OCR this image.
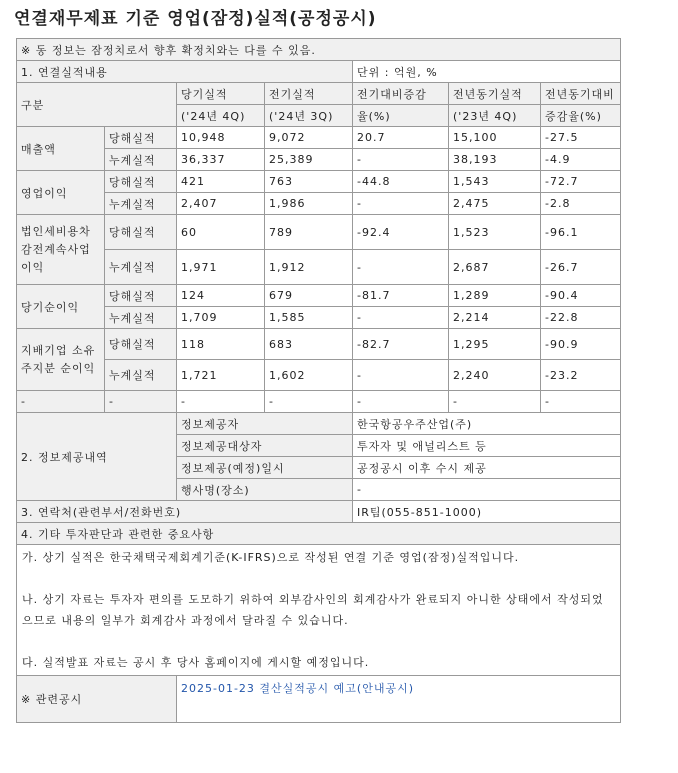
연결재무제표 기준 영업(잠정)실적(공정공시)
※ 동 정보는 잠정치로서 향후 확정치와는 다를 수 있음.						
1. 연결실적내용				단위 : 억원, %		
구분		당기실적	전기실적	전기대비증감	전년동기실적	전년동기대비
		('24년 4Q)	('24년 3Q)	율(%)	('23년 4Q)	증감율(%)
매출액	당해실적	10,948	9,072	20.7	15,100	-27.5
	누계실적	36,337	25,389	-	38,193	-4.9
영업이익	당해실적	421	763	-44.8	1,543	-72.7
	누계실적	2,407	1,986	-	2,475	-2.8
법인세비용차감전계속사업이익	당해실적	60	789	-92.4	1,523	-96.1
	누계실적	1,971	1,912	-	2,687	-26.7
당기순이익	당해실적	124	679	-81.7	1,289	-90.4
	누계실적	1,709	1,585	-	2,214	-22.8
지배기업 소유주지분 순이익	당해실적	118	683	-82.7	1,295	-90.9
	누계실적	1,721	1,602	-	2,240	-23.2
-	-	-	-	-	-	-
2. 정보제공내역		정보제공자		한국항공우주산업(주)		
		정보제공대상자		투자자 및 애널리스트 등		
		정보제공(예정)일시		공정공시 이후 수시 제공		
		행사명(장소)		-		
3. 연락처(관련부서/전화번호)				IR팀(055-851-1000)		
4. 기타 투자판단과 관련한 중요사항						

가. 상기 실적은 한국채택국제회계기준(K-IFRS)으로 작성된 연결 기준 영업(잠정)실적입니다.

나. 상기 자료는 투자자 편의를 도모하기 위하여 외부감사인의 회계감사가 완료되지 아니한 상태에서 작성되었으므로 내용의 일부가 회계감사 과정에서 달라질 수 있습니다.

다. 실적발표 자료는 공시 후 당사 홈페이지에 게시할 예정입니다.						

※ 관련공시		2025-01-23 결산실적공시 예고(안내공시)				
